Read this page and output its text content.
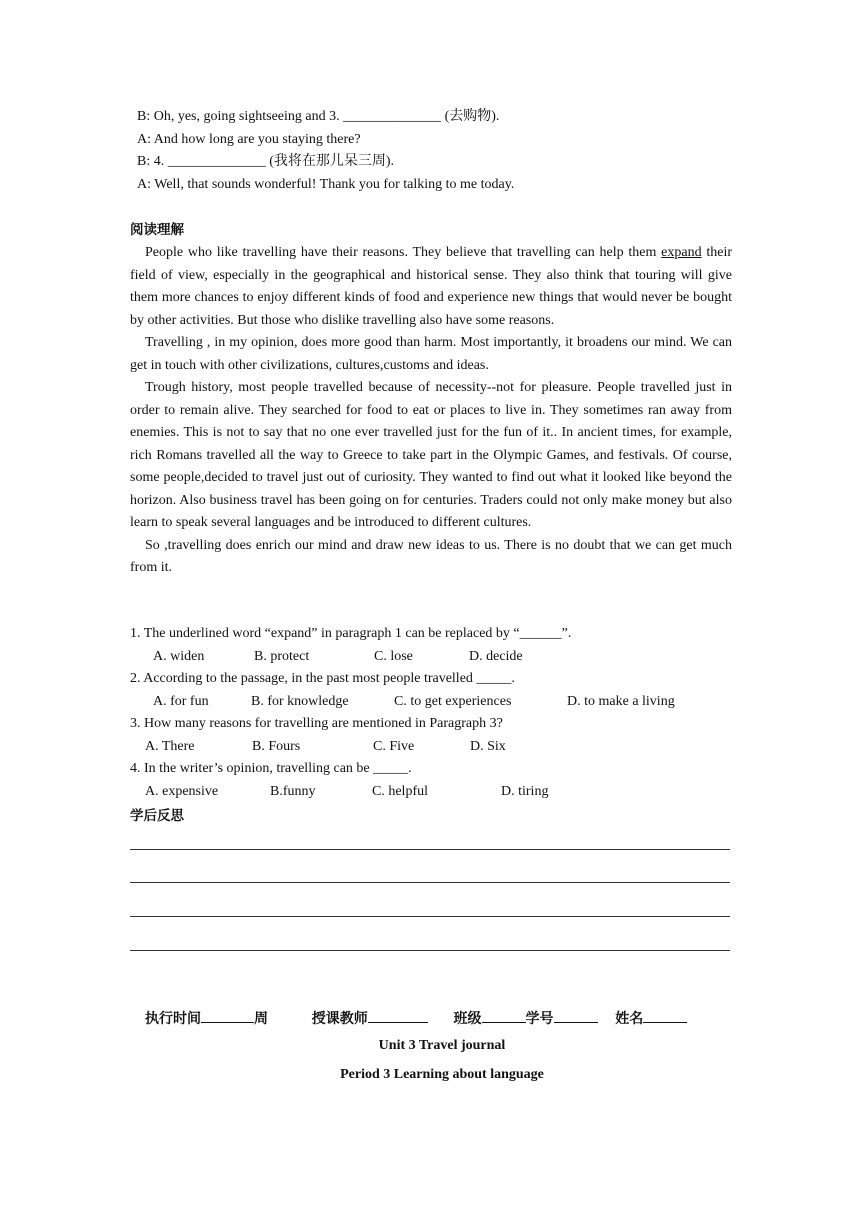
B: Oh, yes, going sightseeing and 3. ______________ (去购物).
A: And how long are you staying there?
B: 4. ______________ (我将在那儿呆三周).
A: Well, that sounds wonderful! Thank you for talking to me today.
阅读理解

People who like travelling have their reasons. They believe that travelling can help them expand their field of view, especially in the geographical and historical sense. They also think that touring will give them more chances to enjoy different kinds of food and experience new things that would never be bought by other activities. But those who dislike travelling also have some reasons.

Travelling , in my opinion, does more good than harm. Most importantly, it broadens our mind. We can get in touch with other civilizations, cultures,customs and ideas.

Trough history, most people travelled because of necessity--not for pleasure. People travelled just in order to remain alive. They searched for food to eat or places to live in. They sometimes ran away from enemies. This is not to say that no one ever travelled just for the fun of it.. In ancient times, for example, rich Romans travelled all the way to Greece to take part in the Olympic Games, and festivals. Of course, some people,decided to travel just out of curiosity. They wanted to find out what it looked like beyond the horizon. Also business travel has been going on for centuries. Traders could not only make money but also learn to speak several languages and be introduced to different cultures.

So ,travelling does enrich our mind and draw new ideas to us. There is no doubt that we can get much from it.

1. The underlined word “expand” in paragraph 1 can be replaced by “______”.
A. widen	B. protect	C. lose	D. decide
2. According to the passage, in the past most people travelled _____.
A. for fun	B. for knowledge	C. to get experiences	D. to make a living
3. How many reasons for travelling are mentioned in Paragraph 3?
A. There	B. Fours	C. Five	D. Six
4. In the writer’s opinion, travelling can be _____.
A. expensive	B.funny	C. helpful	D. tiring
学后反思
执行时间	周	授课教师	班级	学号	姓名
Unit 3 Travel journal
Period 3 Learning about language
